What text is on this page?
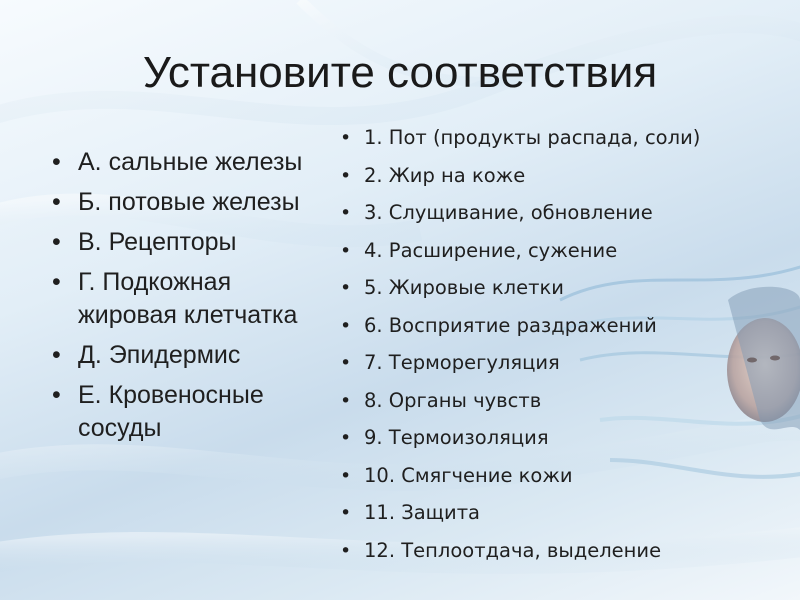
Установите соответствия
• А. сальные железы
• Б. потовые железы
• В. Рецепторы
• Г. Подкожная жировая клетчатка
• Д. Эпидермис
• Е. Кровеносные сосуды
• 1. Пот (продукты распада, соли)
• 2. Жир на коже
• 3. Слущивание, обновление
• 4. Расширение, сужение
• 5. Жировые клетки
• 6. Восприятие раздражений
• 7. Терморегуляция
• 8. Органы чувств
• 9. Термоизоляция
• 10. Смягчение кожи
• 11. Защита
• 12. Теплоотдача, выделение
